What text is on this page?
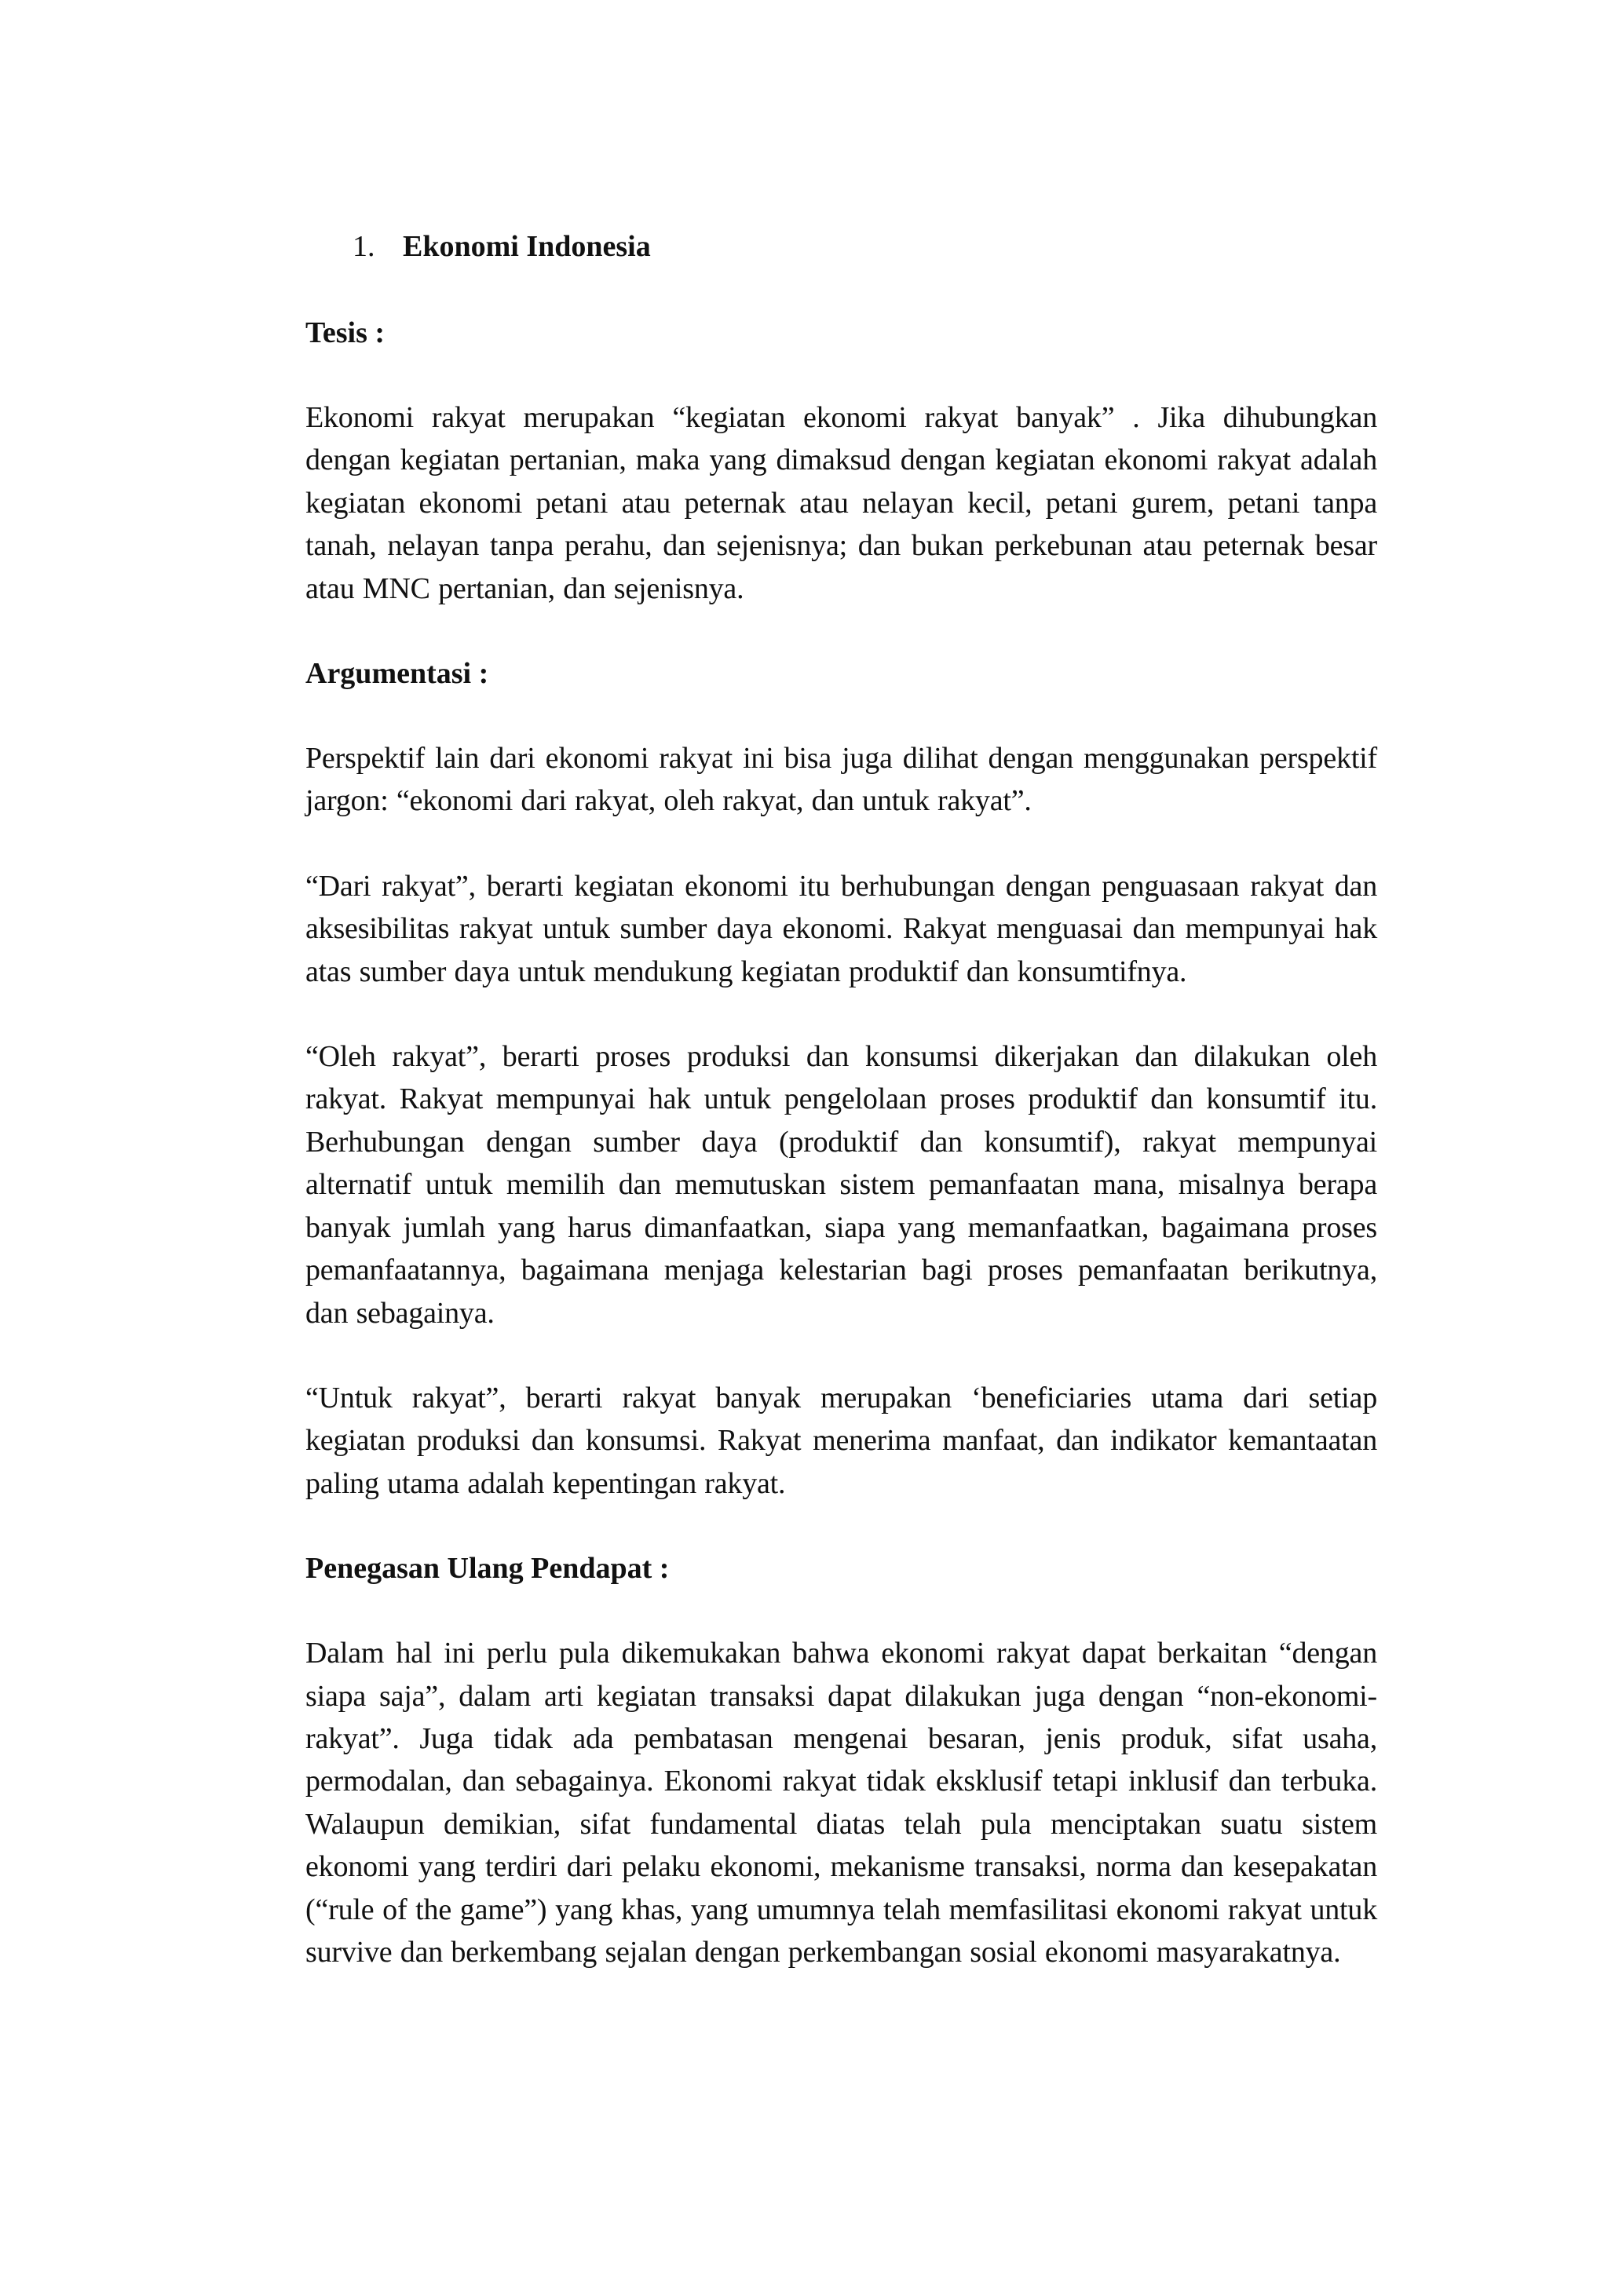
1. Ekonomi Indonesia
Tesis :

Ekonomi rakyat merupakan “kegiatan ekonomi rakyat banyak” . Jika dihubungkan dengan kegiatan pertanian, maka yang dimaksud dengan kegiatan ekonomi rakyat adalah kegiatan ekonomi petani atau peternak atau nelayan kecil, petani gurem, petani tanpa tanah, nelayan tanpa perahu, dan sejenisnya; dan bukan perkebunan atau peternak besar atau MNC pertanian, dan sejenisnya.

Argumentasi :

Perspektif lain dari ekonomi rakyat ini bisa juga dilihat dengan menggunakan perspektif jargon: “ekonomi dari rakyat, oleh rakyat, dan untuk rakyat”.

“Dari rakyat”, berarti kegiatan ekonomi itu berhubungan dengan penguasaan rakyat dan aksesibilitas rakyat untuk sumber daya ekonomi. Rakyat menguasai dan mempunyai hak atas sumber daya untuk mendukung kegiatan produktif dan konsumtifnya.

“Oleh rakyat”, berarti proses produksi dan konsumsi dikerjakan dan dilakukan oleh rakyat. Rakyat mempunyai hak untuk pengelolaan proses produktif dan konsumtif itu. Berhubungan dengan sumber daya (produktif dan konsumtif), rakyat mempunyai alternatif untuk memilih dan memutuskan sistem pemanfaatan mana, misalnya berapa banyak jumlah yang harus dimanfaatkan, siapa yang memanfaatkan, bagaimana proses pemanfaatannya, bagaimana menjaga kelestarian bagi proses pemanfaatan berikutnya, dan sebagainya.

“Untuk rakyat”, berarti rakyat banyak merupakan ‘beneficiaries utama dari setiap kegiatan produksi dan konsumsi. Rakyat menerima manfaat, dan indikator kemantaatan paling utama adalah kepentingan rakyat.

Penegasan Ulang Pendapat :

Dalam hal ini perlu pula dikemukakan bahwa ekonomi rakyat dapat berkaitan “dengan siapa saja”, dalam arti kegiatan transaksi dapat dilakukan juga dengan “non-ekonomi-rakyat”. Juga tidak ada pembatasan mengenai besaran, jenis produk, sifat usaha, permodalan, dan sebagainya. Ekonomi rakyat tidak eksklusif tetapi inklusif dan terbuka. Walaupun demikian, sifat fundamental diatas telah pula menciptakan suatu sistem ekonomi yang terdiri dari pelaku ekonomi, mekanisme transaksi, norma dan kesepakatan (“rule of the game”) yang khas, yang umumnya telah memfasilitasi ekonomi rakyat untuk survive dan berkembang sejalan dengan perkembangan sosial ekonomi masyarakatnya.
